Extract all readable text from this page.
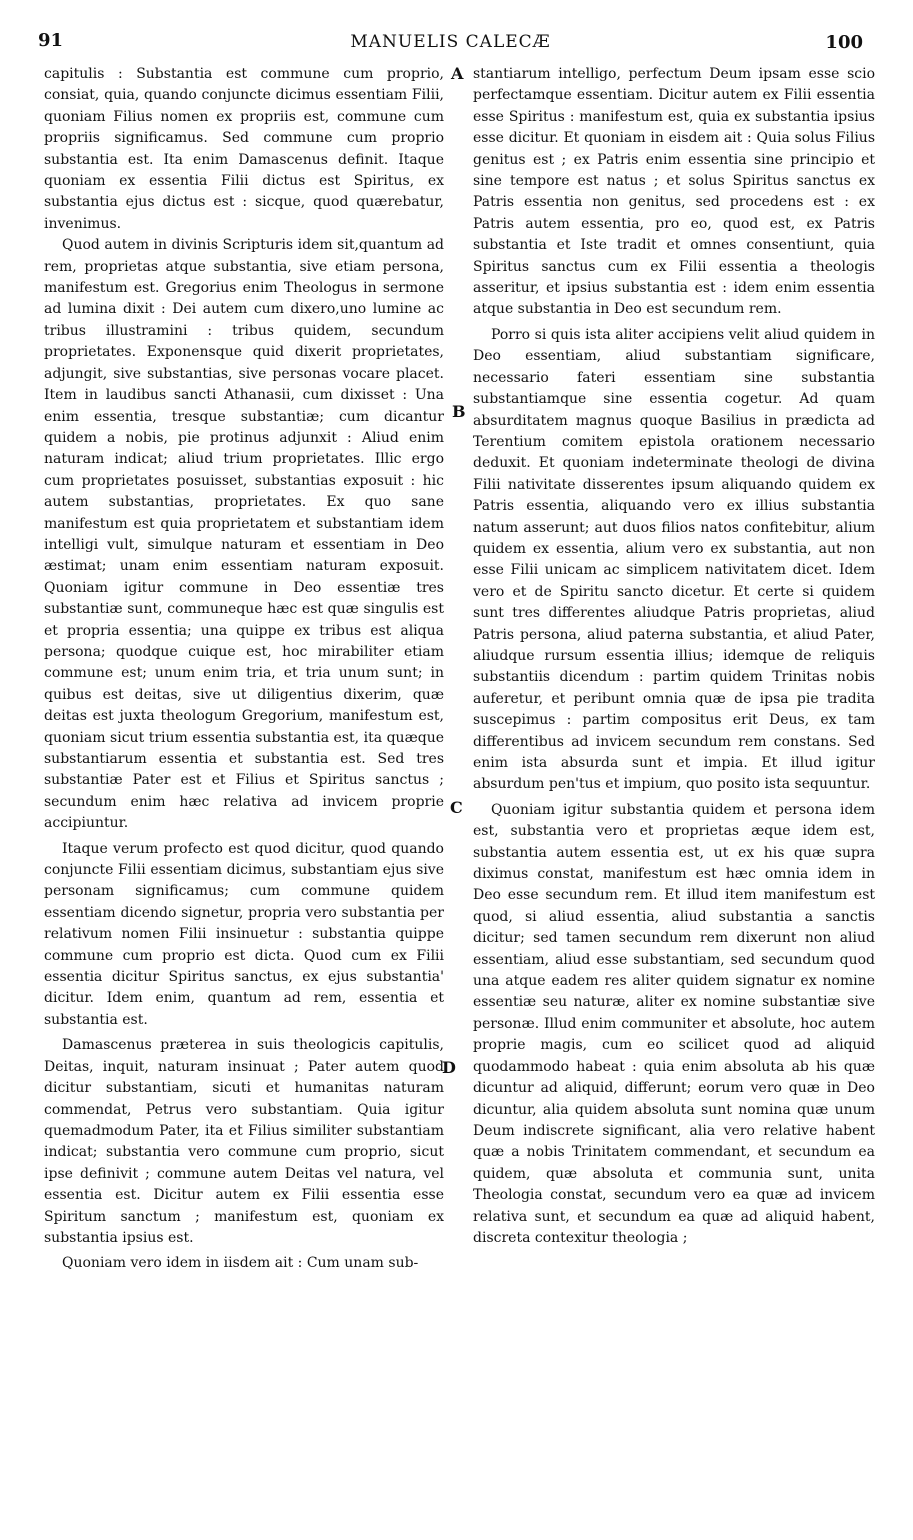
91	MANUELIS CALECÆ	100
A
B
C
D

capitulis : Substantia est commune cum proprio, consiat, quia, quando conjuncte dicimus essentiam Filii, quoniam Filius nomen ex propriis est, commune cum propriis significamus. Sed commune cum proprio substantia est. Ita enim Damascenus definit. Itaque quoniam ex essentia Filii dictus est Spiritus, ex substantia ejus dictus est : sicque, quod quærebatur, invenimus.

Quod autem in divinis Scripturis idem sit,quantum ad rem, proprietas atque substantia, sive etiam persona, manifestum est. Gregorius enim Theologus in sermone ad lumina dixit : Dei autem cum dixero,uno lumine ac tribus illustramini : tribus quidem, secundum proprietates. Exponensque quid dixerit proprietates, adjungit, sive substantias, sive personas vocare placet. Item in laudibus sancti Athanasii, cum dixisset : Una enim essentia, tresque substantiæ; cum dicantur quidem a nobis, pie protinus adjunxit : Aliud enim naturam indicat; aliud trium proprietates. Illic ergo cum proprietates posuisset, substantias exposuit : hic autem substantias, proprietates. Ex quo sane manifestum est quia proprietatem et substantiam idem intelligi vult, simulque naturam et essentiam in Deo æstimat; unam enim essentiam naturam exposuit. Quoniam igitur commune in Deo essentiæ tres substantiæ sunt, communeque hæc est quæ singulis est et propria essentia; una quippe ex tribus est aliqua persona; quodque cuique est, hoc mirabiliter etiam commune est; unum enim tria, et tria unum sunt; in quibus est deitas, sive ut diligentius dixerim, quæ deitas est juxta theologum Gregorium, manifestum est, quoniam sicut trium essentia substantia est, ita quæque substantiarum essentia et substantia est. Sed tres substantiæ Pater est et Filius et Spiritus sanctus ; secundum enim hæc relativa ad invicem proprie accipiuntur.

Itaque verum profecto est quod dicitur, quod quando conjuncte Filii essentiam dicimus, substantiam ejus sive personam significamus; cum commune quidem essentiam dicendo signetur, propria vero substantia per relativum nomen Filii insinuetur : substantia quippe commune cum proprio est dicta. Quod cum ex Filii essentia dicitur Spiritus sanctus, ex ejus substantia' dicitur. Idem enim, quantum ad rem, essentia et substantia est.

Damascenus præterea in suis theologicis capitulis, Deitas, inquit, naturam insinuat ; Pater autem quod dicitur substantiam, sicuti et humanitas naturam commendat, Petrus vero substantiam. Quia igitur quemadmodum Pater, ita et Filius similiter substantiam indicat; substantia vero commune cum proprio, sicut ipse definivit ; commune autem Deitas vel natura, vel essentia est. Dicitur autem ex Filii essentia esse Spiritum sanctum ; manifestum est, quoniam ex substantia ipsius est.

Quoniam vero idem in iisdem ait : Cum unam sub-

stantiarum intelligo, perfectum Deum ipsam esse scio perfectamque essentiam. Dicitur autem ex Filii essentia esse Spiritus : manifestum est, quia ex substantia ipsius esse dicitur. Et quoniam in eisdem ait : Quia solus Filius genitus est ; ex Patris enim essentia sine principio et sine tempore est natus ; et solus Spiritus sanctus ex Patris essentia non genitus, sed procedens est : ex Patris autem essentia, pro eo, quod est, ex Patris substantia et Iste tradit et omnes consentiunt, quia Spiritus sanctus cum ex Filii essentia a theologis asseritur, et ipsius substantia est : idem enim essentia atque substantia in Deo est secundum rem.

Porro si quis ista aliter accipiens velit aliud quidem in Deo essentiam, aliud substantiam significare, necessario fateri essentiam sine substantia substantiamque sine essentia cogetur. Ad quam absurditatem magnus quoque Basilius in prædicta ad Terentium comitem epistola orationem necessario deduxit. Et quoniam indeterminate theologi de divina Filii nativitate disserentes ipsum aliquando quidem ex Patris essentia, aliquando vero ex illius substantia natum asserunt; aut duos filios natos confitebitur, alium quidem ex essentia, alium vero ex substantia, aut non esse Filii unicam ac simplicem nativitatem dicet. Idem vero et de Spiritu sancto dicetur. Et certe si quidem sunt tres differentes aliudque Patris proprietas, aliud Patris persona, aliud paterna substantia, et aliud Pater, aliudque rursum essentia illius; idemque de reliquis substantiis dicendum : partim quidem Trinitas nobis auferetur, et peribunt omnia quæ de ipsa pie tradita suscepimus : partim compositus erit Deus, ex tam differentibus ad invicem secundum rem constans. Sed enim ista absurda sunt et impia. Et illud igitur absurdum pen'tus et impium, quo posito ista sequuntur.

Quoniam igitur substantia quidem et persona idem est, substantia vero et proprietas æque idem est, substantia autem essentia est, ut ex his quæ supra diximus constat, manifestum est hæc omnia idem in Deo esse secundum rem. Et illud item manifestum est quod, si aliud essentia, aliud substantia a sanctis dicitur; sed tamen secundum rem dixerunt non aliud essentiam, aliud esse substantiam, sed secundum quod una atque eadem res aliter quidem signatur ex nomine essentiæ seu naturæ, aliter ex nomine substantiæ sive personæ. Illud enim communiter et absolute, hoc autem proprie magis, cum eo scilicet quod ad aliquid quodammodo habeat : quia enim absoluta ab his quæ dicuntur ad aliquid, differunt; eorum vero quæ in Deo dicuntur, alia quidem absoluta sunt nomina quæ unum Deum indiscrete significant, alia vero relative habent quæ a nobis Trinitatem commendant, et secundum ea quidem, quæ absoluta et communia sunt, unita Theologia constat, secundum vero ea quæ ad invicem relativa sunt, et secundum ea quæ ad aliquid habent, discreta contexitur theologia ;
